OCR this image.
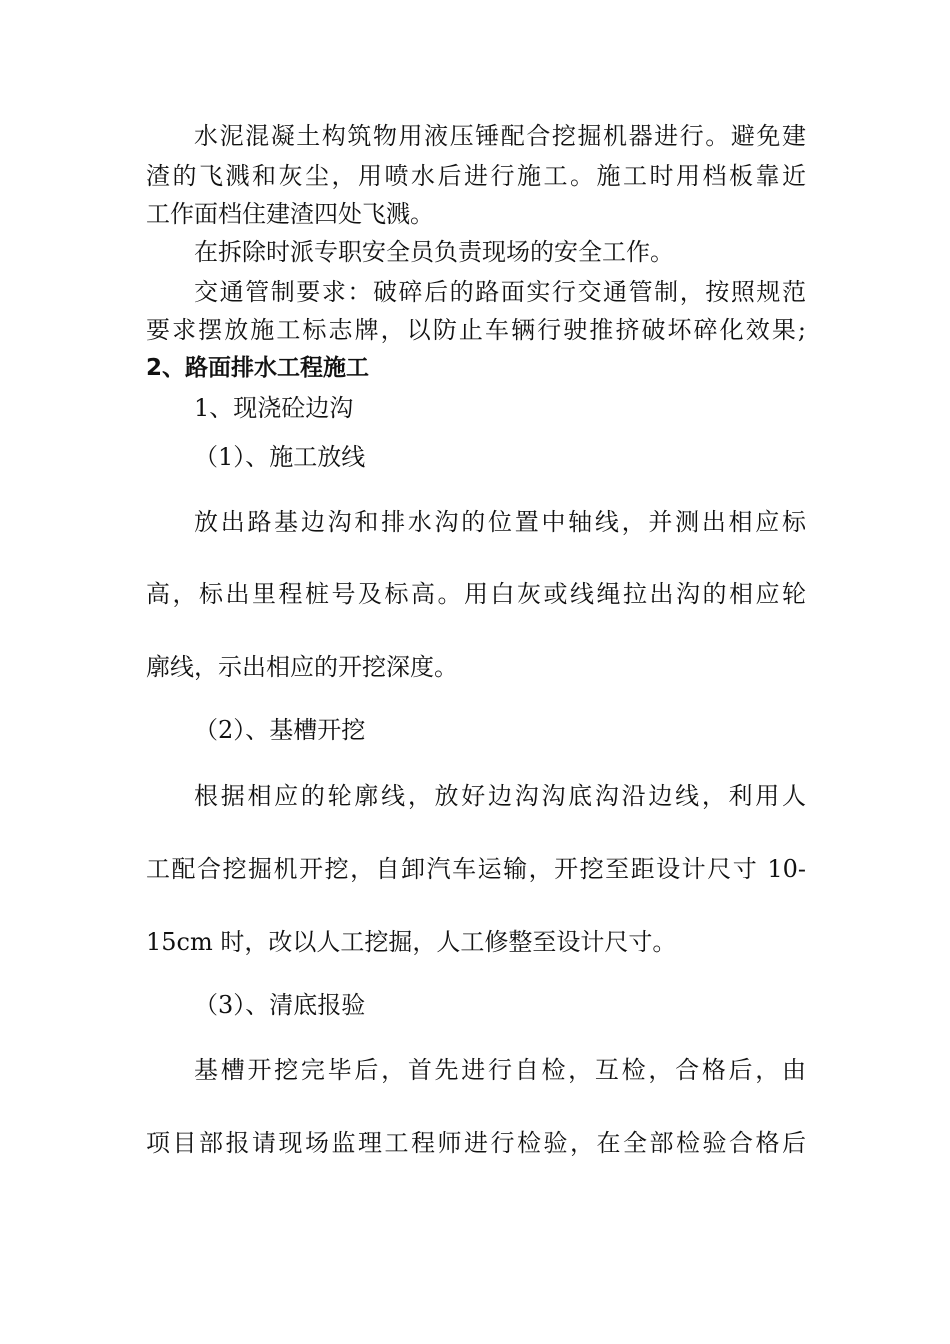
水泥混凝土构筑物用液压锤配合挖掘机器进行。避免建
渣的飞溅和灰尘，用喷水后进行施工。施工时用档板靠近
工作面档住建渣四处飞溅。
在拆除时派专职安全员负责现场的安全工作。
交通管制要求：破碎后的路面实行交通管制，按照规范
要求摆放施工标志牌，以防止车辆行驶推挤破坏碎化效果;
2、路面排水工程施工
1、现浇砼边沟
（1）、施工放线
放出路基边沟和排水沟的位置中轴线，并测出相应标
高，标出里程桩号及标高。用白灰或线绳拉出沟的相应轮
廓线，示出相应的开挖深度。
（2）、基槽开挖
根据相应的轮廓线，放好边沟沟底沟沿边线，利用人
工配合挖掘机开挖，自卸汽车运输，开挖至距设计尺寸 10-
15cm 时，改以人工挖掘，人工修整至设计尺寸。
（3）、清底报验
基槽开挖完毕后，首先进行自检，互检，合格后，由
项目部报请现场监理工程师进行检验，在全部检验合格后
